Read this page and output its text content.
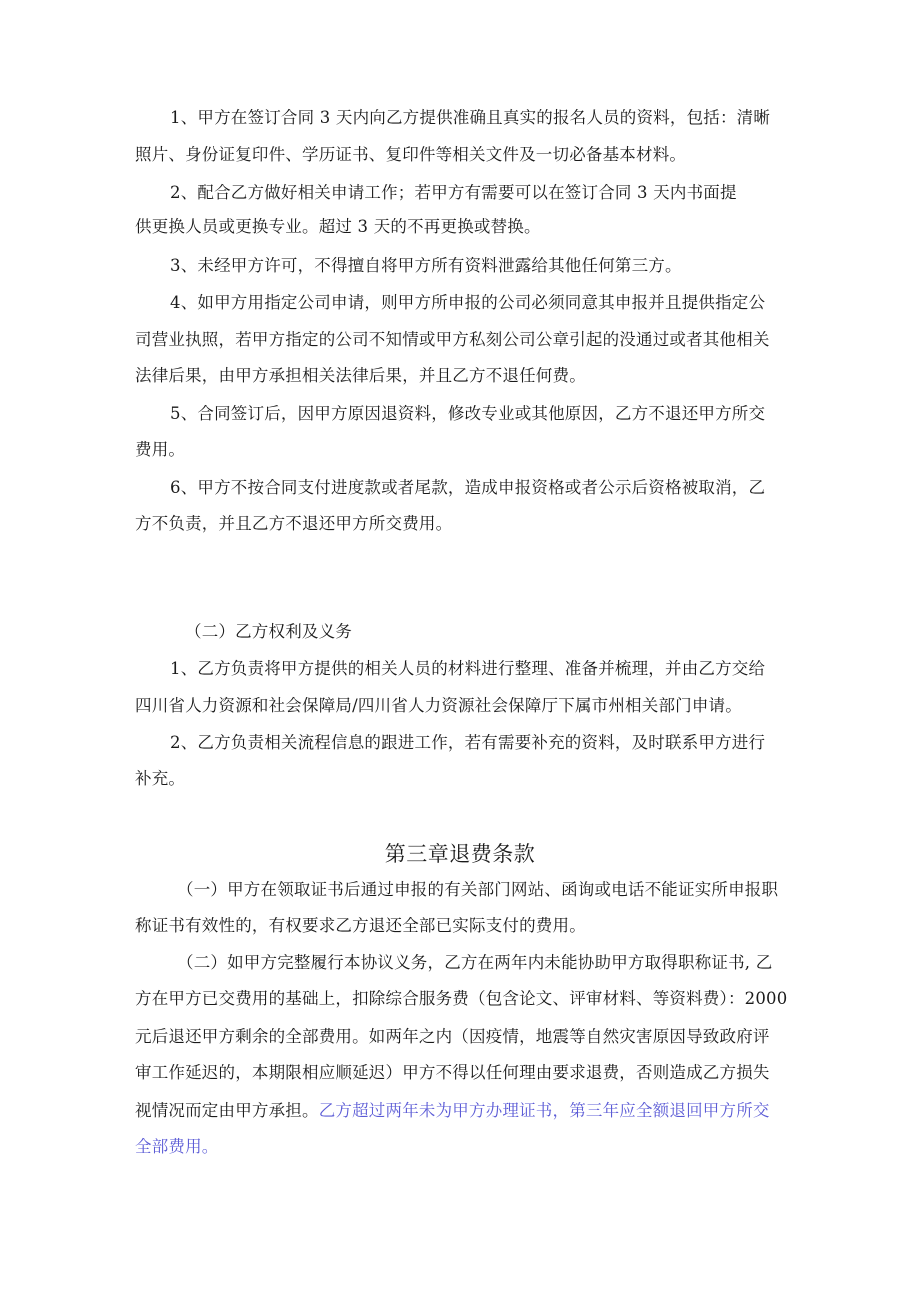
1、甲方在签订合同 3 天内向乙方提供准确且真实的报名人员的资料，包括：清晰
照片、身份证复印件、学历证书、复印件等相关文件及一切必备基本材料。
2、配合乙方做好相关申请工作；若甲方有需要可以在签订合同 3 天内书面提
供更换人员或更换专业。超过 3 天的不再更换或替换。
3、未经甲方许可，不得擅自将甲方所有资料泄露给其他任何第三方。
4、如甲方用指定公司申请，则甲方所申报的公司必须同意其申报并且提供指定公
司营业执照，若甲方指定的公司不知情或甲方私刻公司公章引起的没通过或者其他相关
法律后果，由甲方承担相关法律后果，并且乙方不退任何费。
5、合同签订后，因甲方原因退资料，修改专业或其他原因，乙方不退还甲方所交
费用。
6、甲方不按合同支付进度款或者尾款，造成申报资格或者公示后资格被取消，乙
方不负责，并且乙方不退还甲方所交费用。
（二）乙方权利及义务
1、乙方负责将甲方提供的相关人员的材料进行整理、准备并梳理，并由乙方交给
四川省人力资源和社会保障局/四川省人力资源社会保障厅下属市州相关部门申请。
2、乙方负责相关流程信息的跟进工作，若有需要补充的资料，及时联系甲方进行
补充。
第三章退费条款
（一）甲方在领取证书后通过申报的有关部门网站、函询或电话不能证实所申报职
称证书有效性的，有权要求乙方退还全部已实际支付的费用。
（二）如甲方完整履行本协议义务，乙方在两年内未能协助甲方取得职称证书, 乙
方在甲方已交费用的基础上，扣除综合服务费（包含论文、评审材料、等资料费）：2000
元后退还甲方剩余的全部费用。如两年之内（因疫情，地震等自然灾害原因导致政府评
审工作延迟的，本期限相应顺延迟）甲方不得以任何理由要求退费，否则造成乙方损失
视情况而定由甲方承担。乙方超过两年未为甲方办理证书，第三年应全额退回甲方所交
全部费用。
